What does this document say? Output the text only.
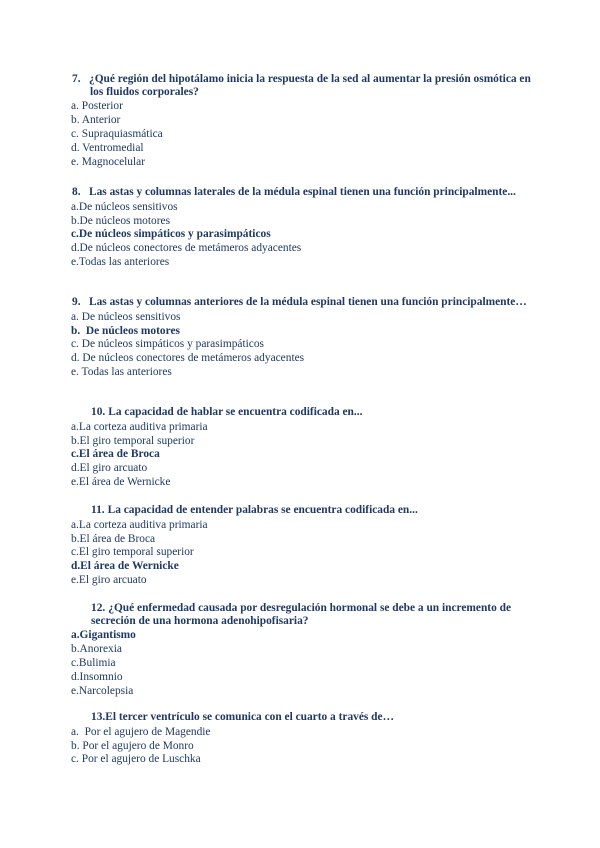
7. ¿Qué región del hipotálamo inicia la respuesta de la sed al aumentar la presión osmótica en los fluidos corporales?

a. Posterior
b. Anterior
c. Supraquiasmática
d. Ventromedial
e. Magnocelular

8. Las astas y columnas laterales de la médula espinal tienen una función principalmente...

a.De núcleos sensitivos
b.De núcleos motores
c.De núcleos simpáticos y parasimpáticos
d.De núcleos conectores de metámeros adyacentes
e.Todas las anteriores

9. Las astas y columnas anteriores de la médula espinal tienen una función principalmente…

a. De núcleos sensitivos
b.  De núcleos motores
c. De núcleos simpáticos y parasimpáticos
d. De núcleos conectores de metámeros adyacentes
e. Todas las anteriores

10. La capacidad de hablar se encuentra codificada en...

a.La corteza auditiva primaria
b.El giro temporal superior
c.El área de Broca
d.El giro arcuato
e.El área de Wernicke

11. La capacidad de entender palabras se encuentra codificada en...

a.La corteza auditiva primaria
b.El área de Broca
c.El giro temporal superior
d.El área de Wernicke
e.El giro arcuato

12. ¿Qué enfermedad causada por desregulación hormonal se debe a un incremento de secreción de una hormona adenohipofisaria?

a.Gigantismo
b.Anorexia
c.Bulimia
d.Insomnio
e.Narcolepsia

13.El tercer ventrículo se comunica con el cuarto a través de…

a.  Por el agujero de Magendie
b. Por el agujero de Monro
c. Por el agujero de Luschka
